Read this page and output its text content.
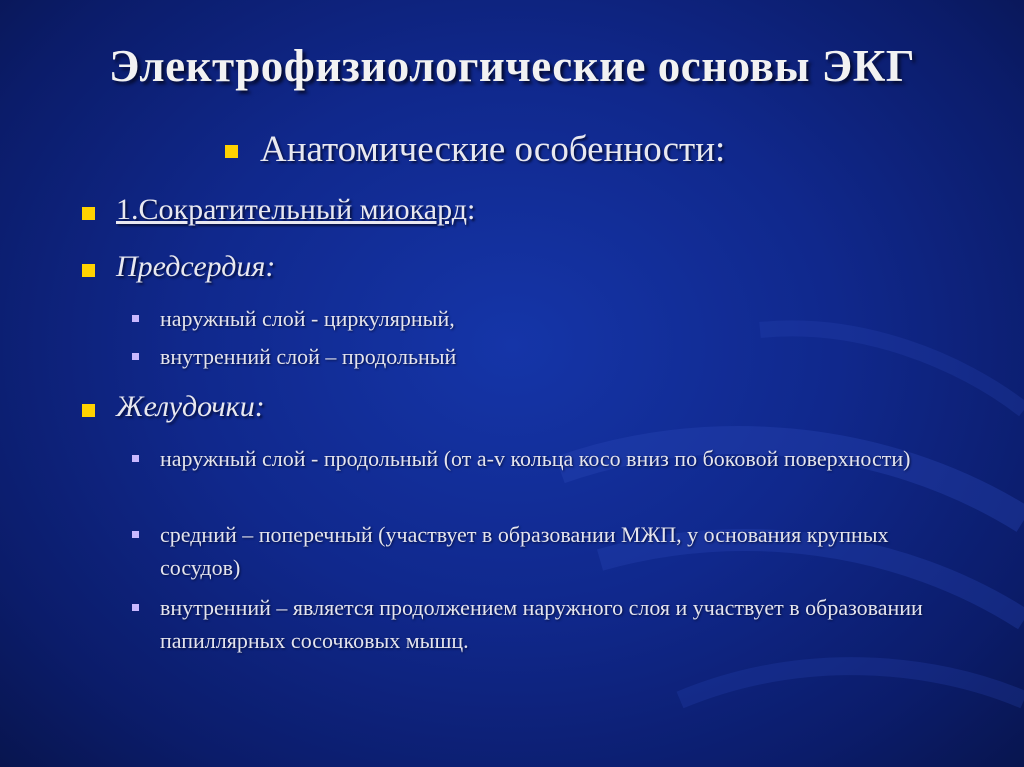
Электрофизиологические основы ЭКГ
Анатомические особенности:
1.Сократительный миокард:
Предсердия:
наружный слой - циркулярный,
внутренний слой – продольный
Желудочки:
наружный слой - продольный (от a-v кольца косо вниз по боковой поверхности)
средний – поперечный (участвует в образовании МЖП, у основания крупных сосудов)
внутренний – является продолжением наружного слоя и участвует в образовании папиллярных сосочковых мышц.
